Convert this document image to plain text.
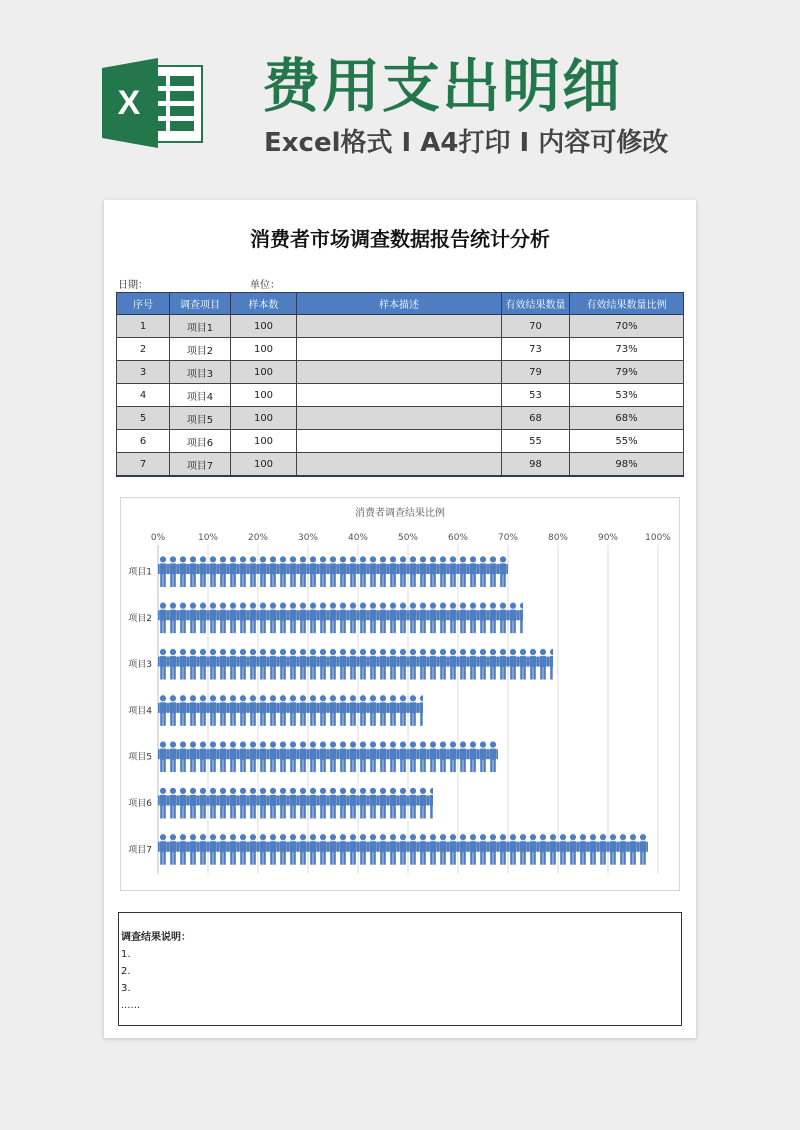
X 费用支出明细
Excel格式 I A4打印 I 内容可修改
消费者市场调查数据报告统计分析
日期：	单位：
序号	调查项目	样本数	样本描述	有效结果数量	有效结果数量比例
1	项目1	100		70	70%
2	项目2	100		73	73%
3	项目3	100		79	79%
4	项目4	100		53	53%
5	项目5	100		68	68%
6	项目6	100		55	55%
7	项目7	100		98	98%
消费者调查结果比例
0%	10%	20%	30%	40%	50%	60%	70%	80%	90%	100%
项目1
项目2
项目3
项目4
项目5
项目6
项目7
调查结果说明：
1.
2.
3.
......
